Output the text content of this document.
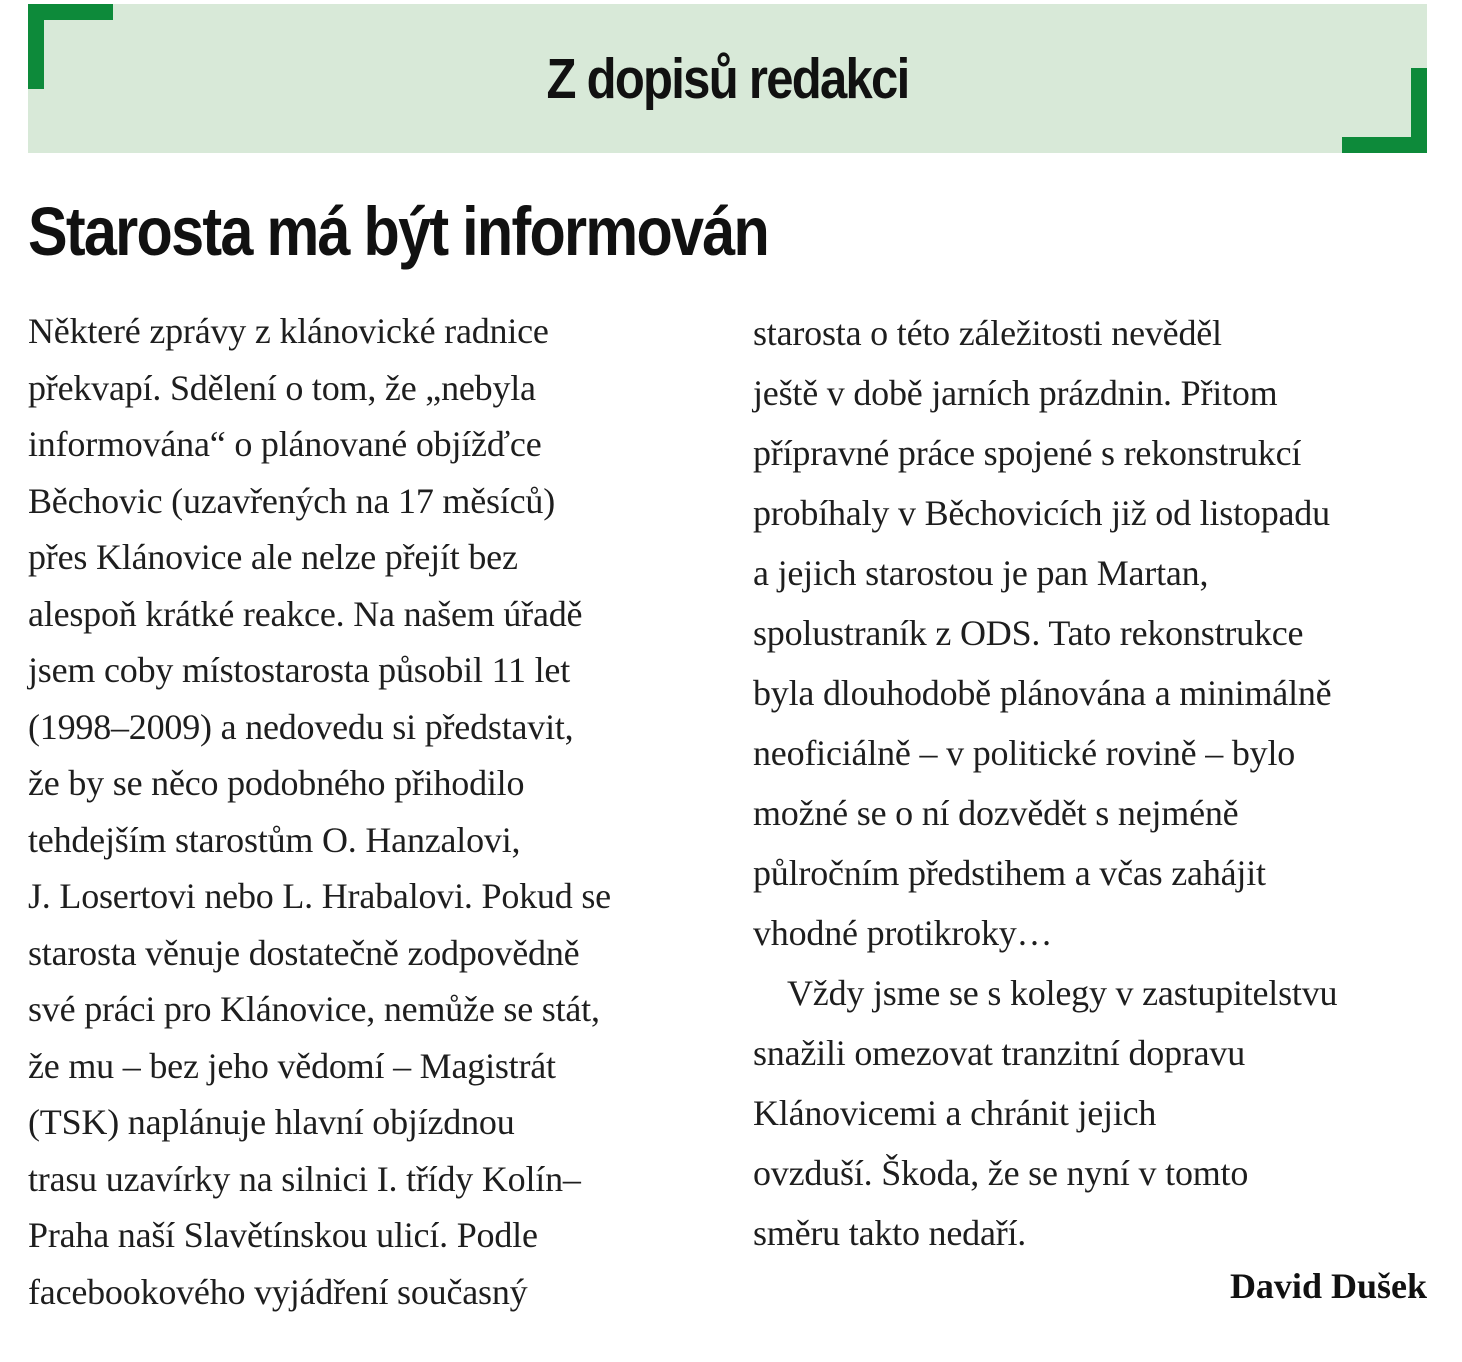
Z dopisů redakci
Starosta má být informován
Některé zprávy z klánovické radnice
překvapí. Sdělení o tom, že „nebyla
informována“ o plánované objížďce
Běchovic (uzavřených na 17 měsíců)
přes Klánovice ale nelze přejít bez
alespoň krátké reakce. Na našem úřadě
jsem coby místostarosta působil 11 let
(1998–2009) a nedovedu si představit,
že by se něco podobného přihodilo
tehdejším starostům O. Hanzalovi,
J. Losertovi nebo L. Hrabalovi. Pokud se
starosta věnuje dostatečně zodpovědně
své práci pro Klánovice, nemůže se stát,
že mu – bez jeho vědomí – Magistrát
(TSK) naplánuje hlavní objízdnou
trasu uzavírky na silnici I. třídy Kolín–
Praha naší Slavětínskou ulicí. Podle
facebookového vyjádření současný
starosta o této záležitosti nevěděl
ještě v době jarních prázdnin. Přitom
přípravné práce spojené s rekonstrukcí
probíhaly v Běchovicích již od listopadu
a jejich starostou je pan Martan,
spolustraník z ODS. Tato rekonstrukce
byla dlouhodobě plánována a minimálně
neoficiálně – v politické rovině – bylo
možné se o ní dozvědět s nejméně
půlročním předstihem a včas zahájit
vhodné protikroky…
Vždy jsme se s kolegy v zastupitelstvu
snažili omezovat tranzitní dopravu
Klánovicemi a chránit jejich
ovzduší. Škoda, že se nyní v tomto
směru takto nedaří.
David Dušek
